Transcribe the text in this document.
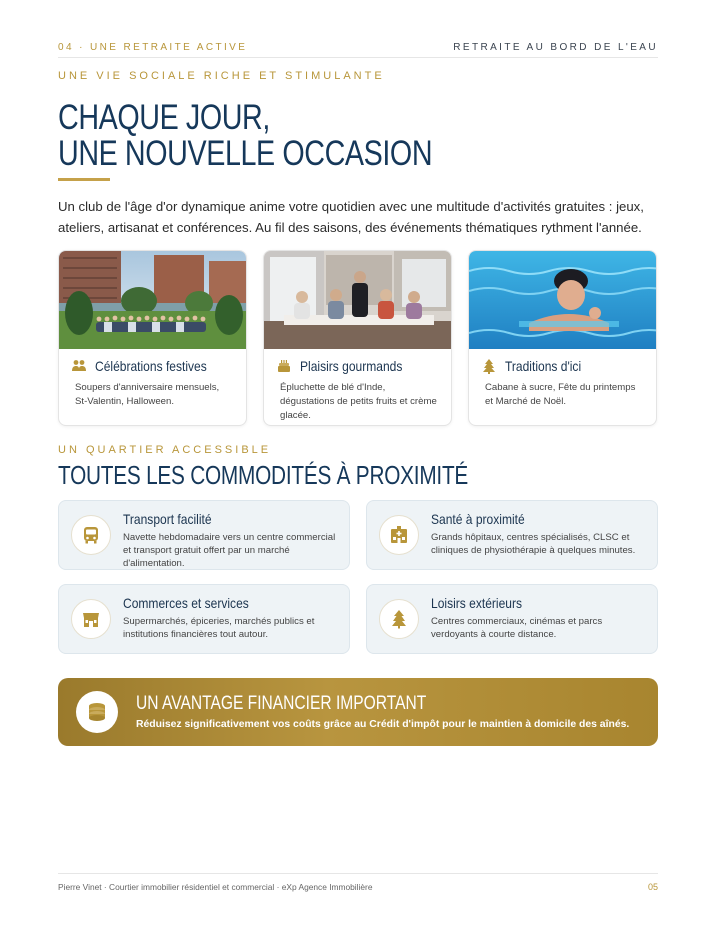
04 · UNE RETRAITE ACTIVE	RETRAITE AU BORD DE L'EAU
UNE VIE SOCIALE RICHE ET STIMULANTE
CHAQUE JOUR,
UNE NOUVELLE OCCASION

Un club de l'âge d'or dynamique anime votre quotidien avec une multitude d'activités gratuites : jeux, ateliers, artisanat et conférences. Au fil des saisons, des événements thématiques rythment l'année.

Célébrations festives
Soupers d'anniversaire mensuels, St-Valentin, Halloween.
Plaisirs gourmands
Épluchette de blé d'Inde, dégustations de petits fruits et crème glacée.
Traditions d'ici
Cabane à sucre, Fête du printemps et Marché de Noël.
UN QUARTIER ACCESSIBLE
TOUTES LES COMMODITÉS À PROXIMITÉ
Transport facilité
Navette hebdomadaire vers un centre commercial et transport gratuit offert par un marché d'alimentation.
Santé à proximité
Grands hôpitaux, centres spécialisés, CLSC et cliniques de physiothérapie à quelques minutes.
Commerces et services
Supermarchés, épiceries, marchés publics et institutions financières tout autour.
Loisirs extérieurs
Centres commerciaux, cinémas et parcs verdoyants à courte distance.
UN AVANTAGE FINANCIER IMPORTANT
Réduisez significativement vos coûts grâce au Crédit d'impôt pour le maintien à domicile des aînés.
Pierre Vinet · Courtier immobilier résidentiel et commercial · eXp Agence Immobilière	05
